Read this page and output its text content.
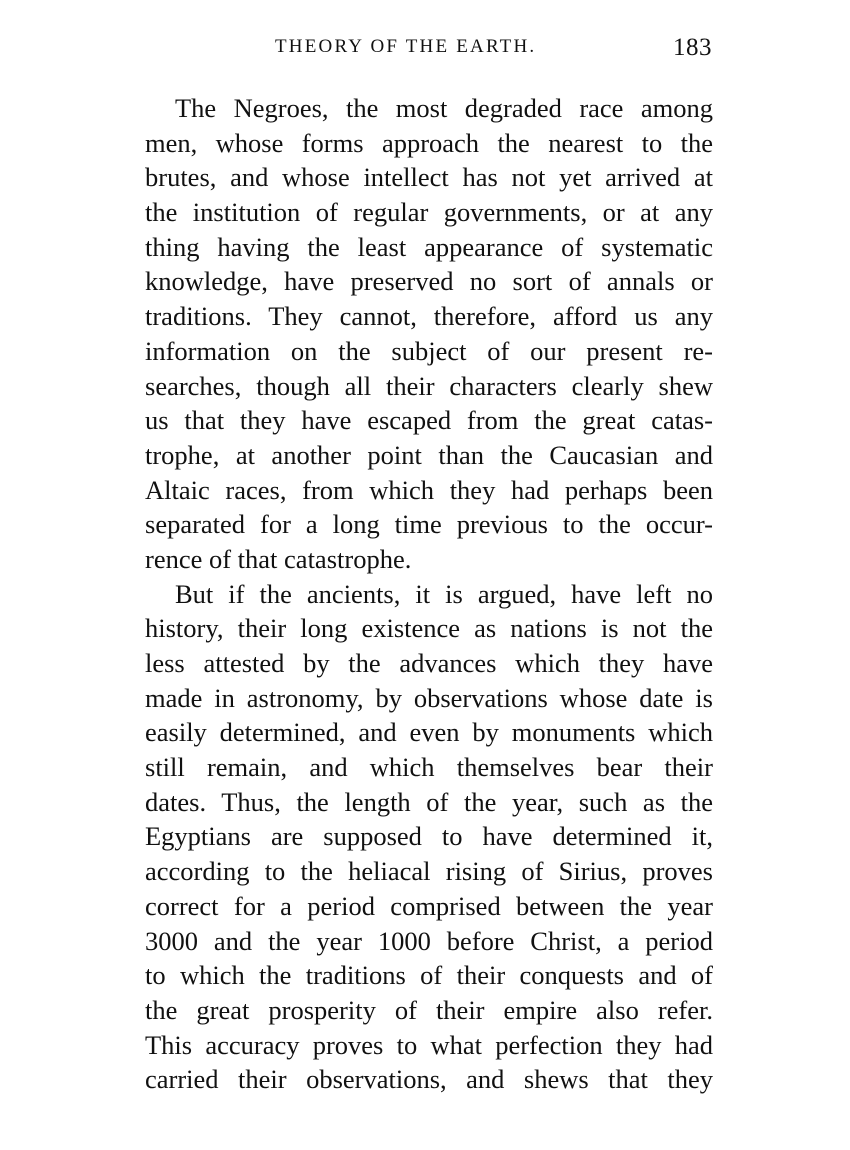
THEORY OF THE EARTH.	183
The Negroes, the most degraded race among
men, whose forms approach the nearest to the
brutes, and whose intellect has not yet arrived at
the institution of regular governments, or at any
thing having the least appearance of systematic
knowledge, have preserved no sort of annals or
traditions. They cannot, therefore, afford us any
information on the subject of our present re-
searches, though all their characters clearly shew
us that they have escaped from the great catas-
trophe, at another point than the Caucasian and
Altaic races, from which they had perhaps been
separated for a long time previous to the occur-
rence of that catastrophe.
But if the ancients, it is argued, have left no
history, their long existence as nations is not the
less attested by the advances which they have
made in astronomy, by observations whose date is
easily determined, and even by monuments which
still remain, and which themselves bear their
dates. Thus, the length of the year, such as the
Egyptians are supposed to have determined it,
according to the heliacal rising of Sirius, proves
correct for a period comprised between the year
3000 and the year 1000 before Christ, a period
to which the traditions of their conquests and of
the great prosperity of their empire also refer.
This accuracy proves to what perfection they had
carried their observations, and shews that they
